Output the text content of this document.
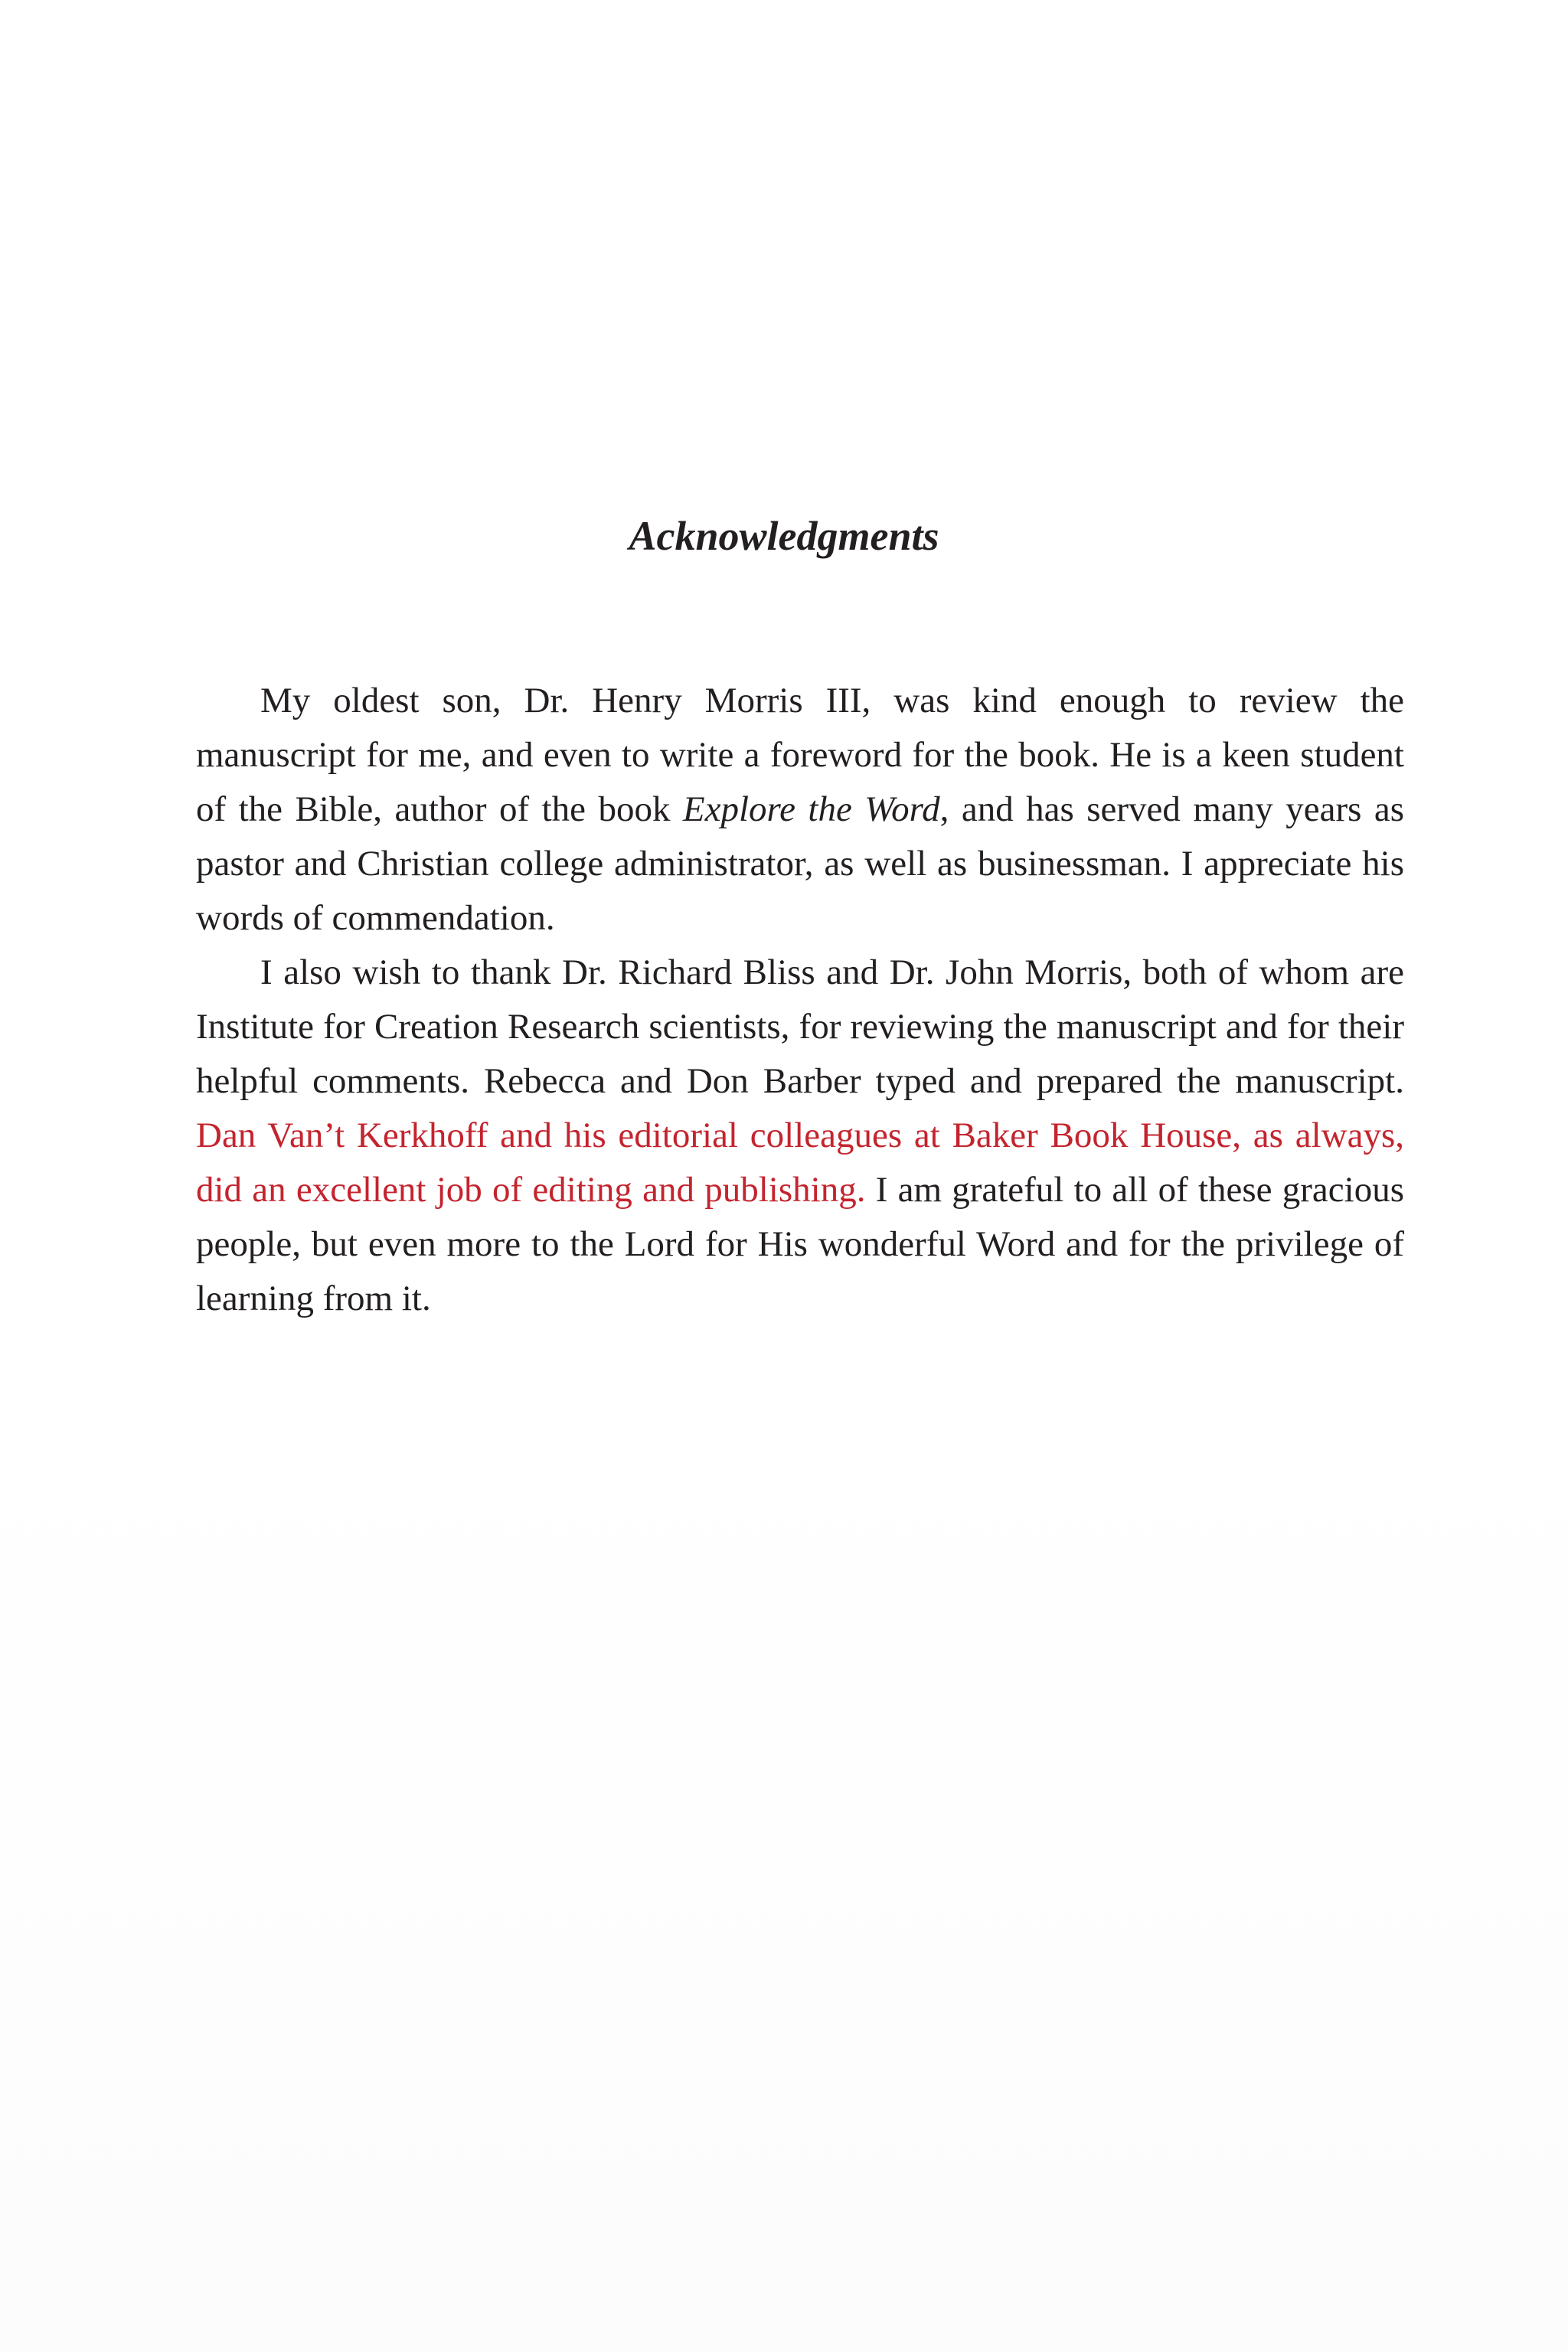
Acknowledgments

My oldest son, Dr. Henry Morris III, was kind enough to review the manuscript for me, and even to write a foreword for the book. He is a keen student of the Bible, author of the book Explore the Word, and has served many years as pastor and Christian college administrator, as well as businessman. I appreciate his words of commendation.

I also wish to thank Dr. Richard Bliss and Dr. John Morris, both of whom are Institute for Creation Research scientists, for reviewing the manuscript and for their helpful comments. Rebecca and Don Barber typed and prepared the manuscript. Dan Van’t Kerkhoff and his editorial colleagues at Baker Book House, as always, did an excellent job of editing and publishing. I am grateful to all of these gracious people, but even more to the Lord for His wonderful Word and for the privilege of learning from it.
